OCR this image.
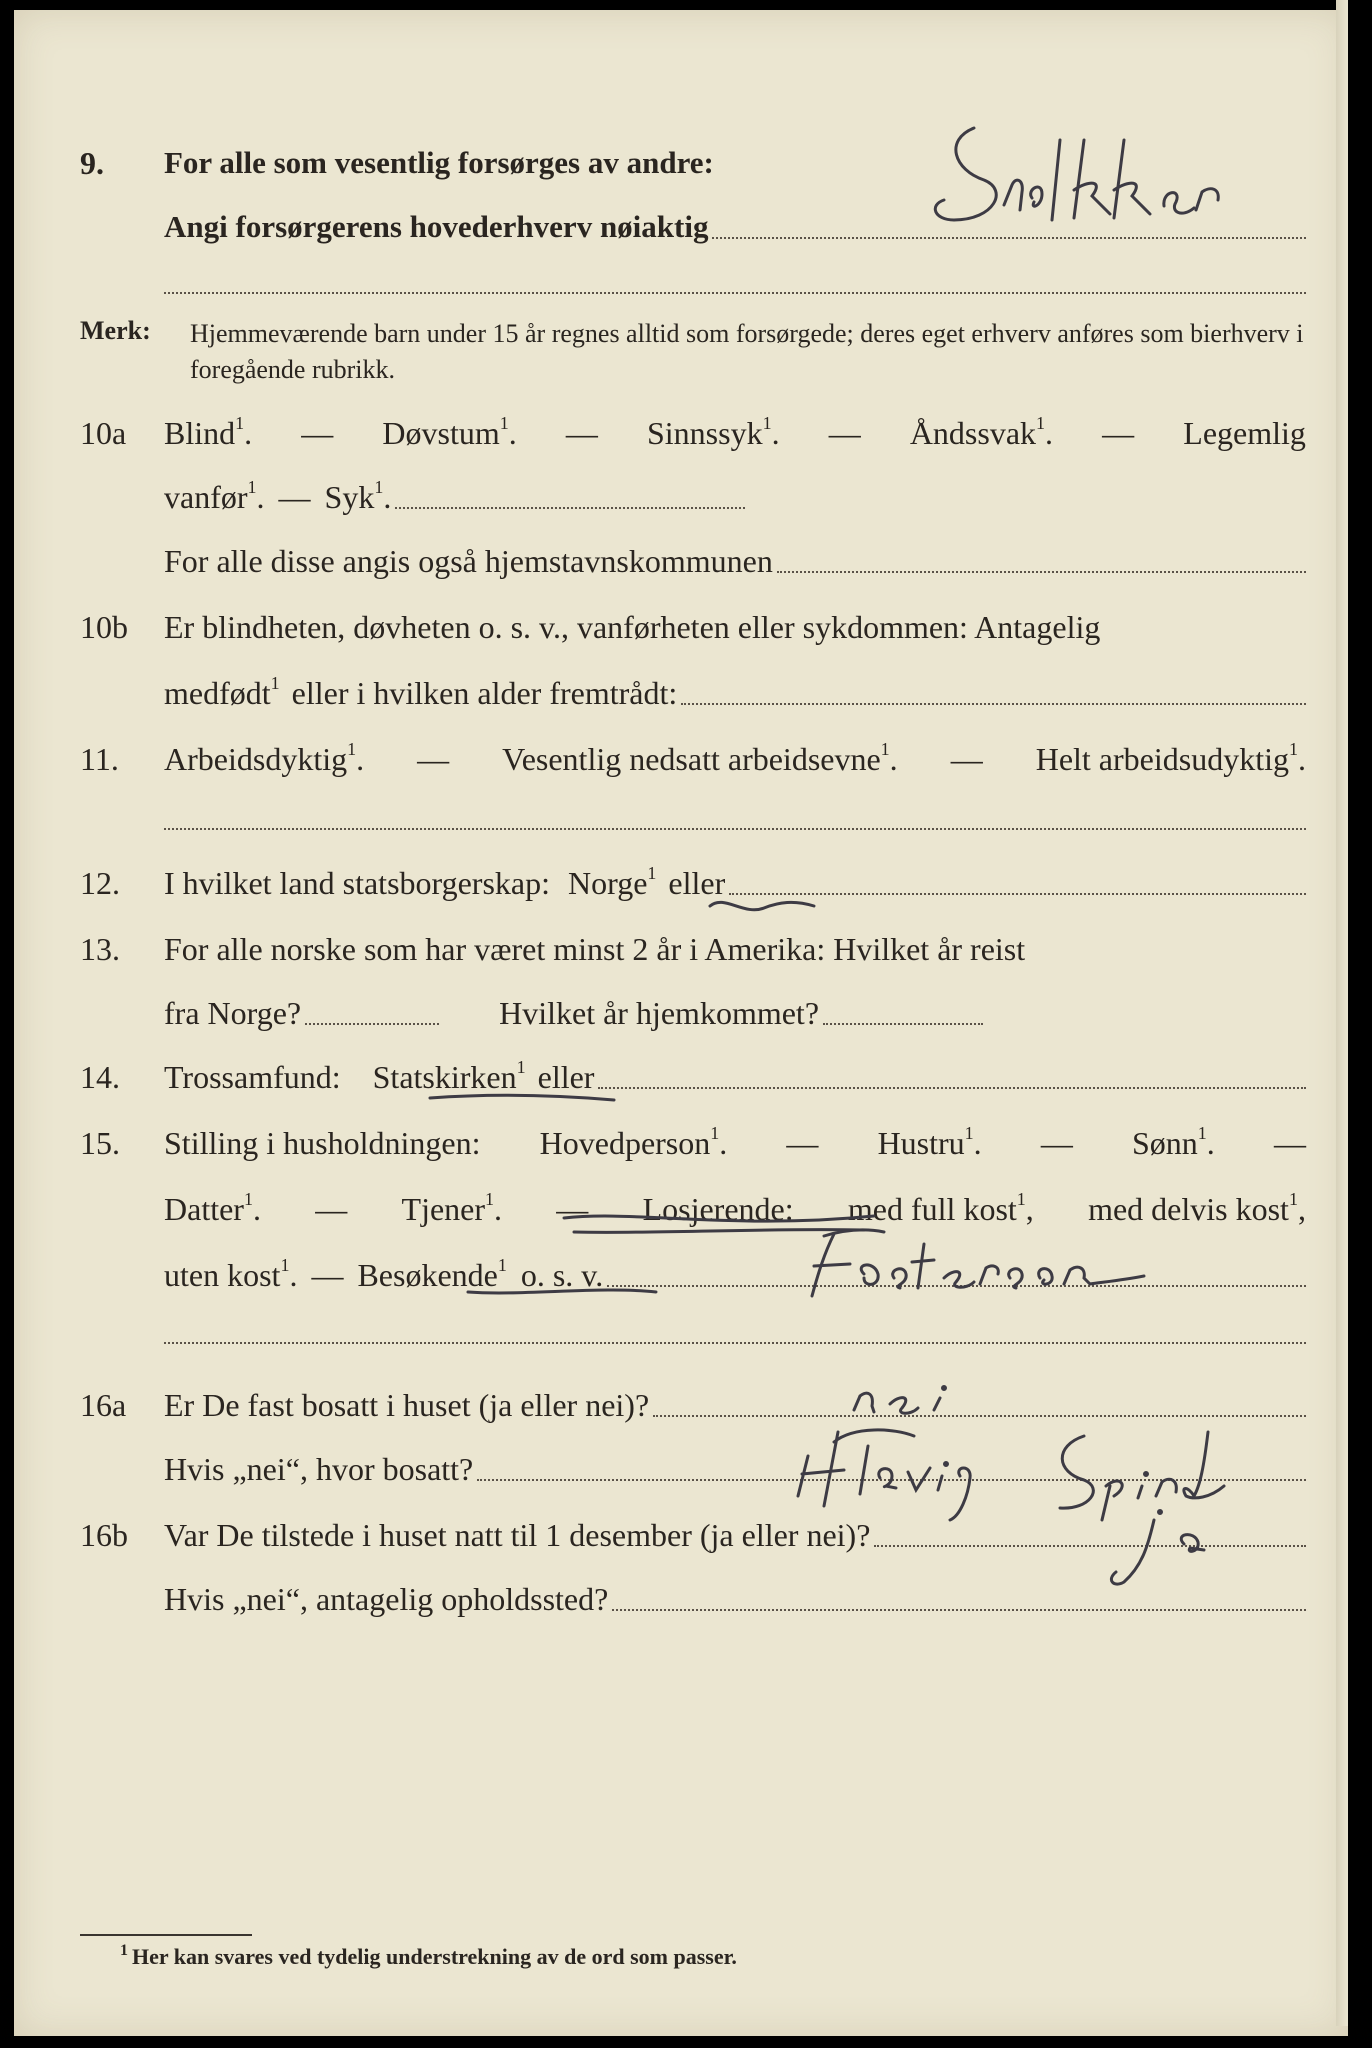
9. For alle som vesentlig forsørges av andre:
Angi forsørgerens hovederhverv nøiaktig
Merk: Hjemmeværende barn under 15 år regnes alltid som forsørgede; deres eget erhverv anføres som bierhverv i foregående rubrikk.
10a Blind$^1$. — Døvstum$^1$. — Sinnssyk$^1$. — Åndssvak$^1$. — Legemlig
vanfør$^1$. — Syk$^1$.
For alle disse angis også hjemstavnskommunen
10b Er blindheten, døvheten o. s. v., vanførheten eller sykdommen: Antagelig
medfødt$^1$ eller i hvilken alder fremtrådt:
11. Arbeidsdyktig$^1$. — Vesentlig nedsatt arbeidsevne$^1$. — Helt arbeidsudyktig$^1$.
12. I hvilket land statsborgerskap: Norge$^1$ eller
13. For alle norske som har været minst 2 år i Amerika: Hvilket år reist
fra Norge?	Hvilket år hjemkommet?
14. Trossamfund: Statskirken$^1$ eller
15. Stilling i husholdningen: Hovedperson$^1$. — Hustru$^1$. — Sønn$^1$. —
Datter$^1$. — Tjener$^1$. — Losjerende: med full kost$^1$, med delvis kost$^1$,
uten kost$^1$. — Besøkende$^1$ o. s. v.
16a Er De fast bosatt i huset (ja eller nei)?
Hvis „nei“, hvor bosatt?
16b Var De tilstede i huset natt til 1 desember (ja eller nei)?
Hvis „nei“, antagelig opholdssted?
1 Her kan svares ved tydelig understrekning av de ord som passer.
